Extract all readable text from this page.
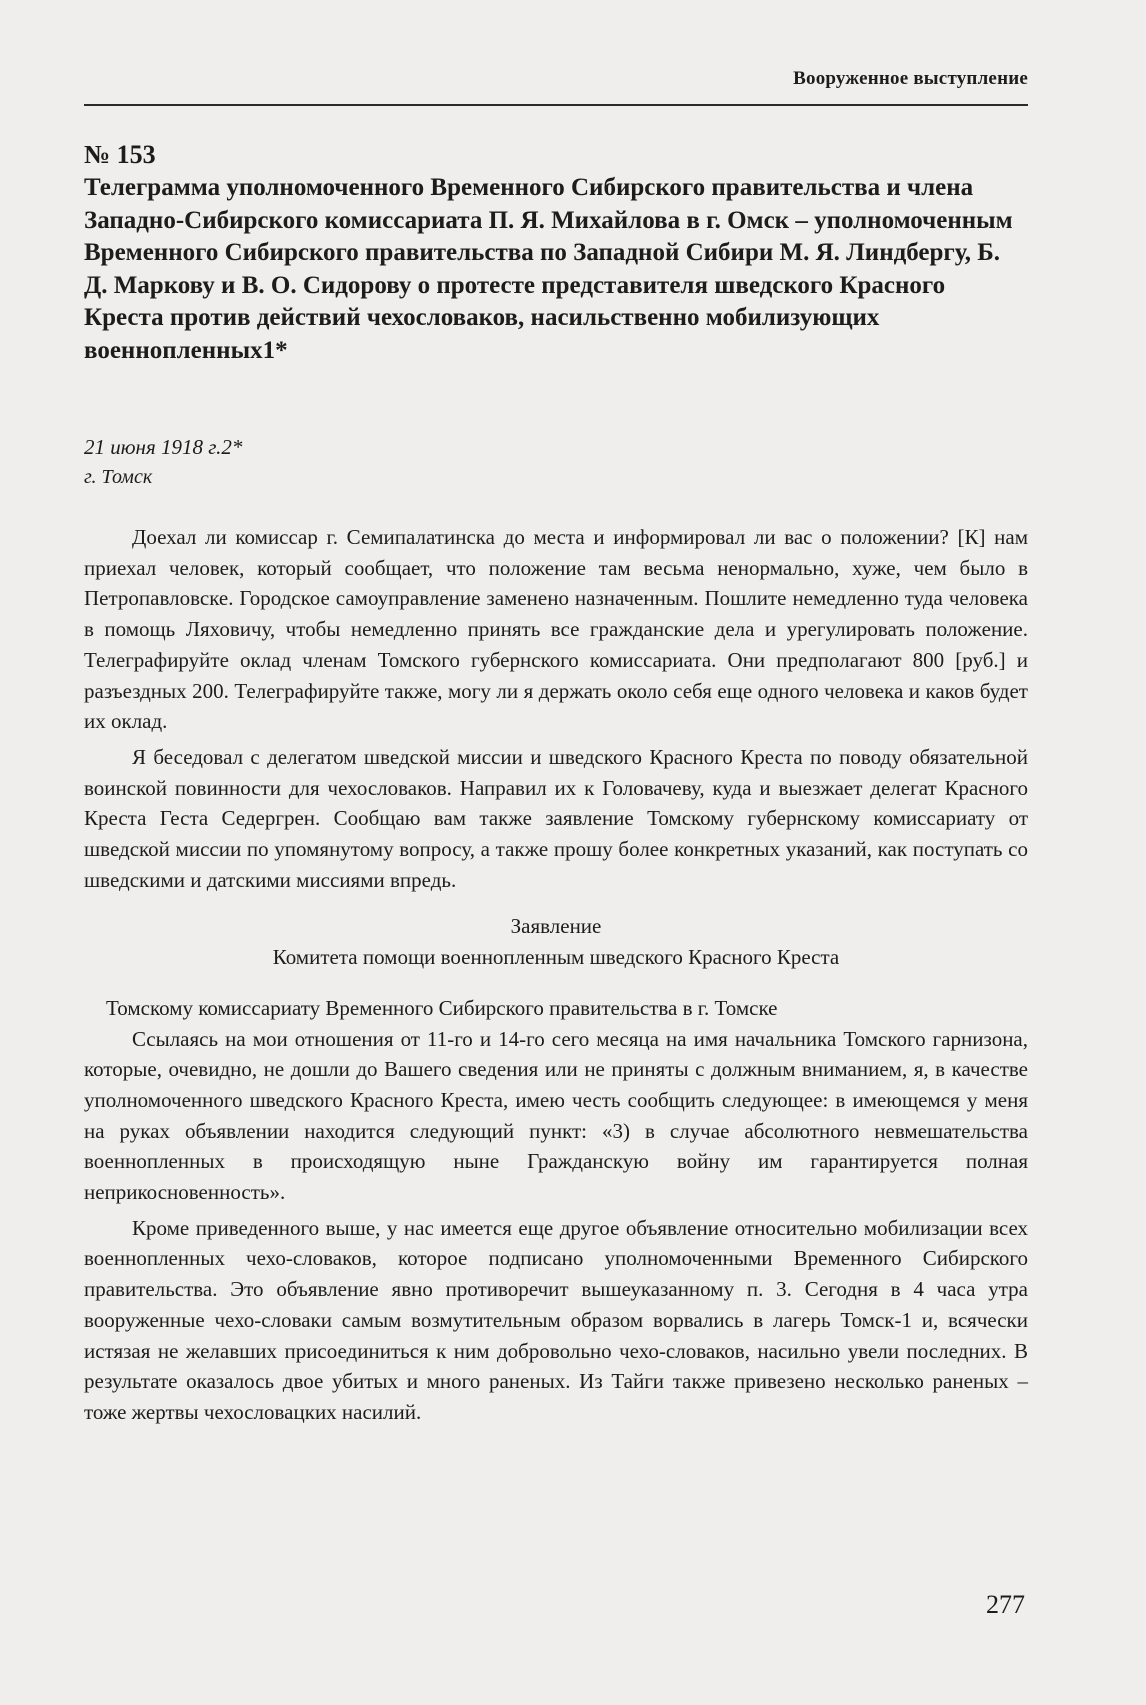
Вооруженное выступление
№ 153
Телеграмма уполномоченного Временного Сибирского правительства и члена Западно-Сибирского комиссариата П. Я. Михайлова в г. Омск – уполномоченным Временного Сибирского правительства по Западной Сибири М. Я. Линдбергу, Б. Д. Маркову и В. О. Сидорову о протесте представителя шведского Красного Креста против действий чехословаков, насильственно мобилизующих военнопленных1*
21 июня 1918 г.2*
г. Томск

Доехал ли комиссар г. Семипалатинска до места и информировал ли вас о положении? [К] нам приехал человек, который сообщает, что положение там весьма ненормально, хуже, чем было в Петропавловске. Городское самоуправление заменено назначенным. Пошлите немедленно туда человека в помощь Ляховичу, чтобы немедленно принять все гражданские дела и урегулировать положение. Телеграфируйте оклад членам Томского губернского комиссариата. Они предполагают 800 [руб.] и разъездных 200. Телеграфируйте также, могу ли я держать около себя еще одного человека и каков будет их оклад.

Я беседовал с делегатом шведской миссии и шведского Красного Креста по поводу обязательной воинской повинности для чехословаков. Направил их к Головачеву, куда и выезжает делегат Красного Креста Геста Седергрен. Сообщаю вам также заявление Томскому губернскому комиссариату от шведской миссии по упомянутому вопросу, а также прошу более конкретных указаний, как поступать со шведскими и датскими миссиями впредь.

Заявление

Комитета помощи военнопленным шведского Красного Креста

Томскому комиссариату Временного Сибирского правительства в г. Томске

Ссылаясь на мои отношения от 11-го и 14-го сего месяца на имя начальника Томского гарнизона, которые, очевидно, не дошли до Вашего сведения или не приняты с должным вниманием, я, в качестве уполномоченного шведского Красного Креста, имею честь сообщить следующее: в имеющемся у меня на руках объявлении находится следующий пункт: «3) в случае абсолютного невмешательства военнопленных в происходящую ныне Гражданскую войну им гарантируется полная неприкосновенность».

Кроме приведенного выше, у нас имеется еще другое объявление относительно мобилизации всех военнопленных чехо-словаков, которое подписано уполномоченными Временного Сибирского правительства. Это объявление явно противоречит вышеуказанному п. 3. Сегодня в 4 часа утра вооруженные чехо-словаки самым возмутительным образом ворвались в лагерь Томск-1 и, всячески истязая не желавших присоединиться к ним добровольно чехо-словаков, насильно увели последних. В результате оказалось двое убитых и много раненых. Из Тайги также привезено несколько раненых – тоже жертвы чехословацких насилий.

277
